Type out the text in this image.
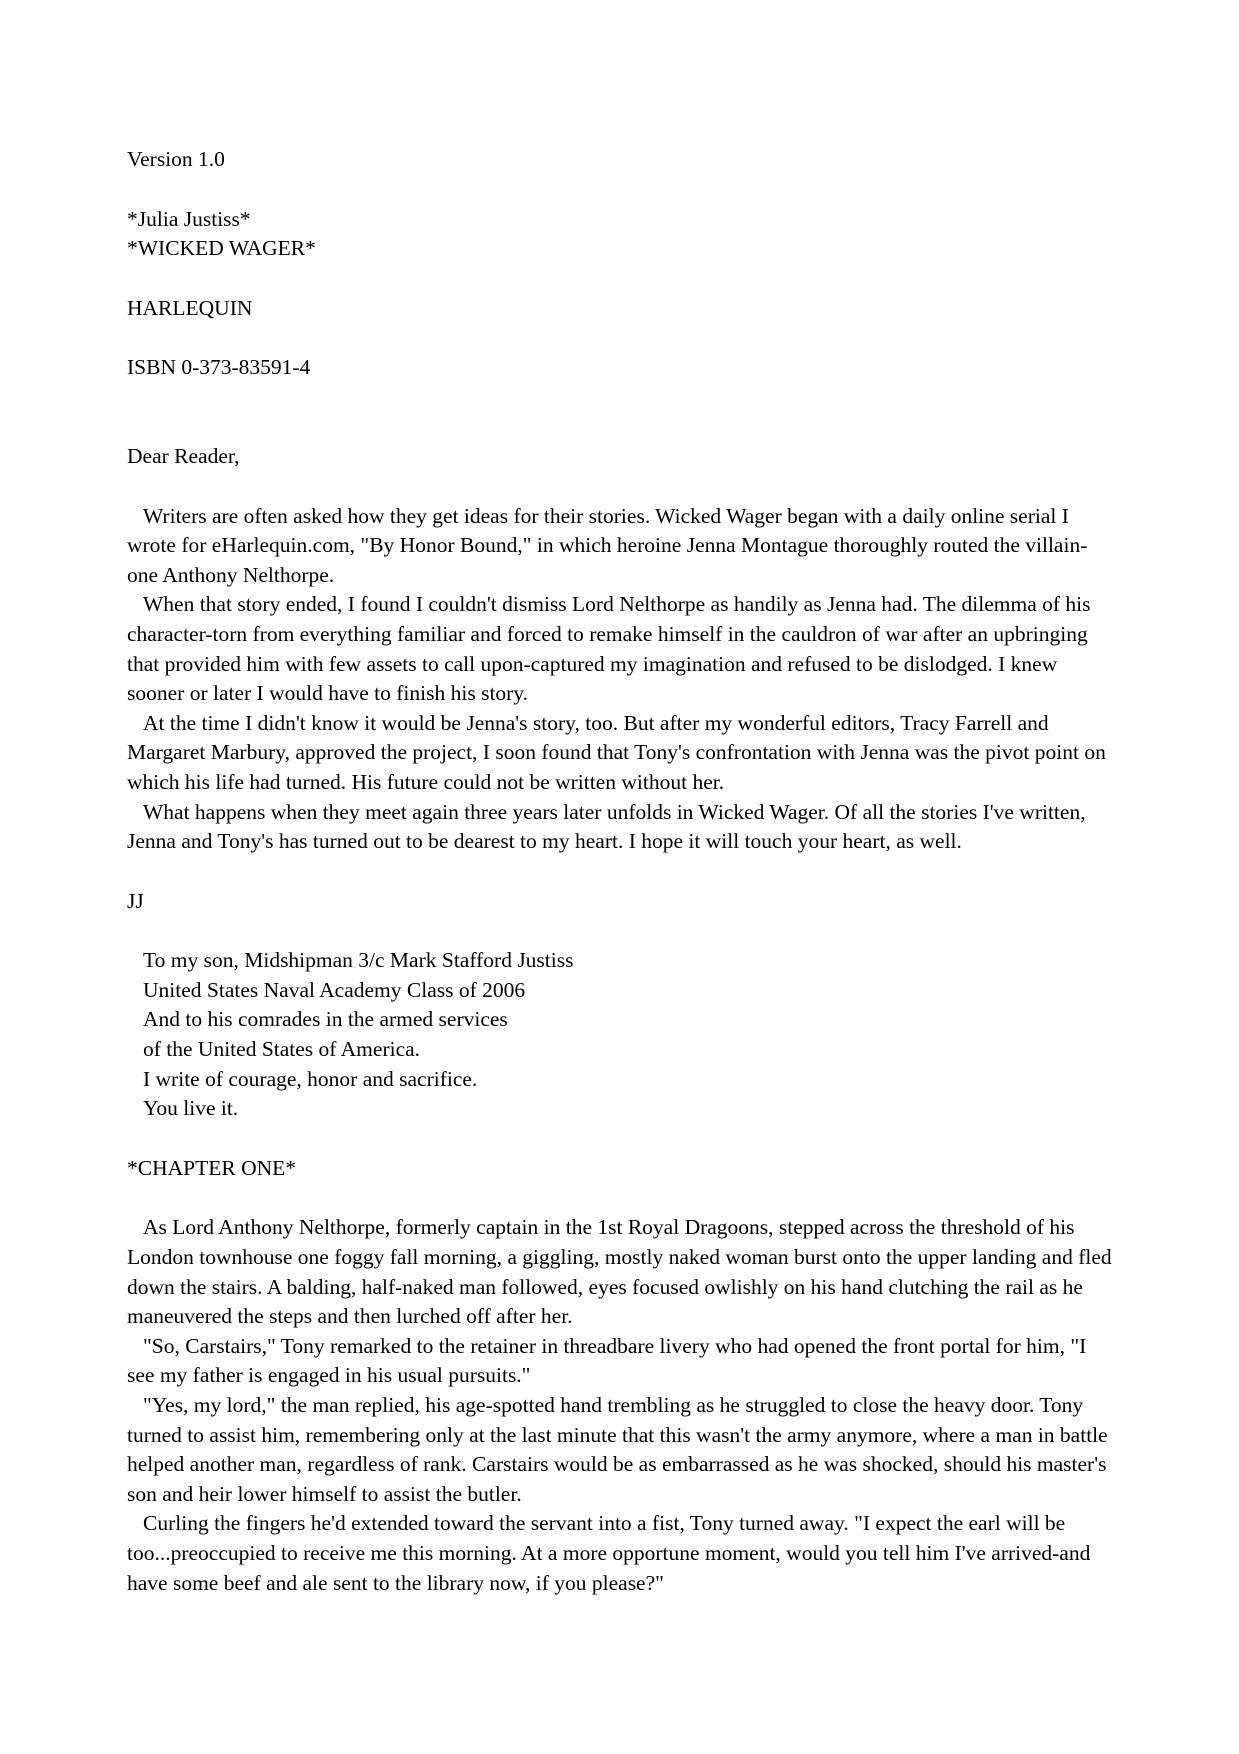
Version 1.0
*Julia Justiss*
*WICKED WAGER*
HARLEQUIN
ISBN 0-373-83591-4
Dear Reader,

Writers are often asked how they get ideas for their stories. Wicked Wager began with a daily online serial I wrote for eHarlequin.com, "By Honor Bound," in which heroine Jenna Montague thoroughly routed the villain-one Anthony Nelthorpe.

When that story ended, I found I couldn't dismiss Lord Nelthorpe as handily as Jenna had. The dilemma of his character-torn from everything familiar and forced to remake himself in the cauldron of war after an upbringing that provided him with few assets to call upon-captured my imagination and refused to be dislodged. I knew sooner or later I would have to finish his story.

At the time I didn't know it would be Jenna's story, too. But after my wonderful editors, Tracy Farrell and Margaret Marbury, approved the project, I soon found that Tony's confrontation with Jenna was the pivot point on which his life had turned. His future could not be written without her.

What happens when they meet again three years later unfolds in Wicked Wager. Of all the stories I've written, Jenna and Tony's has turned out to be dearest to my heart. I hope it will touch your heart, as well.

JJ
To my son, Midshipman 3/c Mark Stafford Justiss
United States Naval Academy Class of 2006
And to his comrades in the armed services
of the United States of America.
I write of courage, honor and sacrifice.
You live it.
*CHAPTER ONE*

As Lord Anthony Nelthorpe, formerly captain in the 1st Royal Dragoons, stepped across the threshold of his London townhouse one foggy fall morning, a giggling, mostly naked woman burst onto the upper landing and fled down the stairs. A balding, half-naked man followed, eyes focused owlishly on his hand clutching the rail as he maneuvered the steps and then lurched off after her.

"So, Carstairs," Tony remarked to the retainer in threadbare livery who had opened the front portal for him, "I see my father is engaged in his usual pursuits."

"Yes, my lord," the man replied, his age-spotted hand trembling as he struggled to close the heavy door. Tony turned to assist him, remembering only at the last minute that this wasn't the army anymore, where a man in battle helped another man, regardless of rank. Carstairs would be as embarrassed as he was shocked, should his master's son and heir lower himself to assist the butler.

Curling the fingers he'd extended toward the servant into a fist, Tony turned away. "I expect the earl will be too...preoccupied to receive me this morning. At a more opportune moment, would you tell him I've arrived-and have some beef and ale sent to the library now, if you please?"
